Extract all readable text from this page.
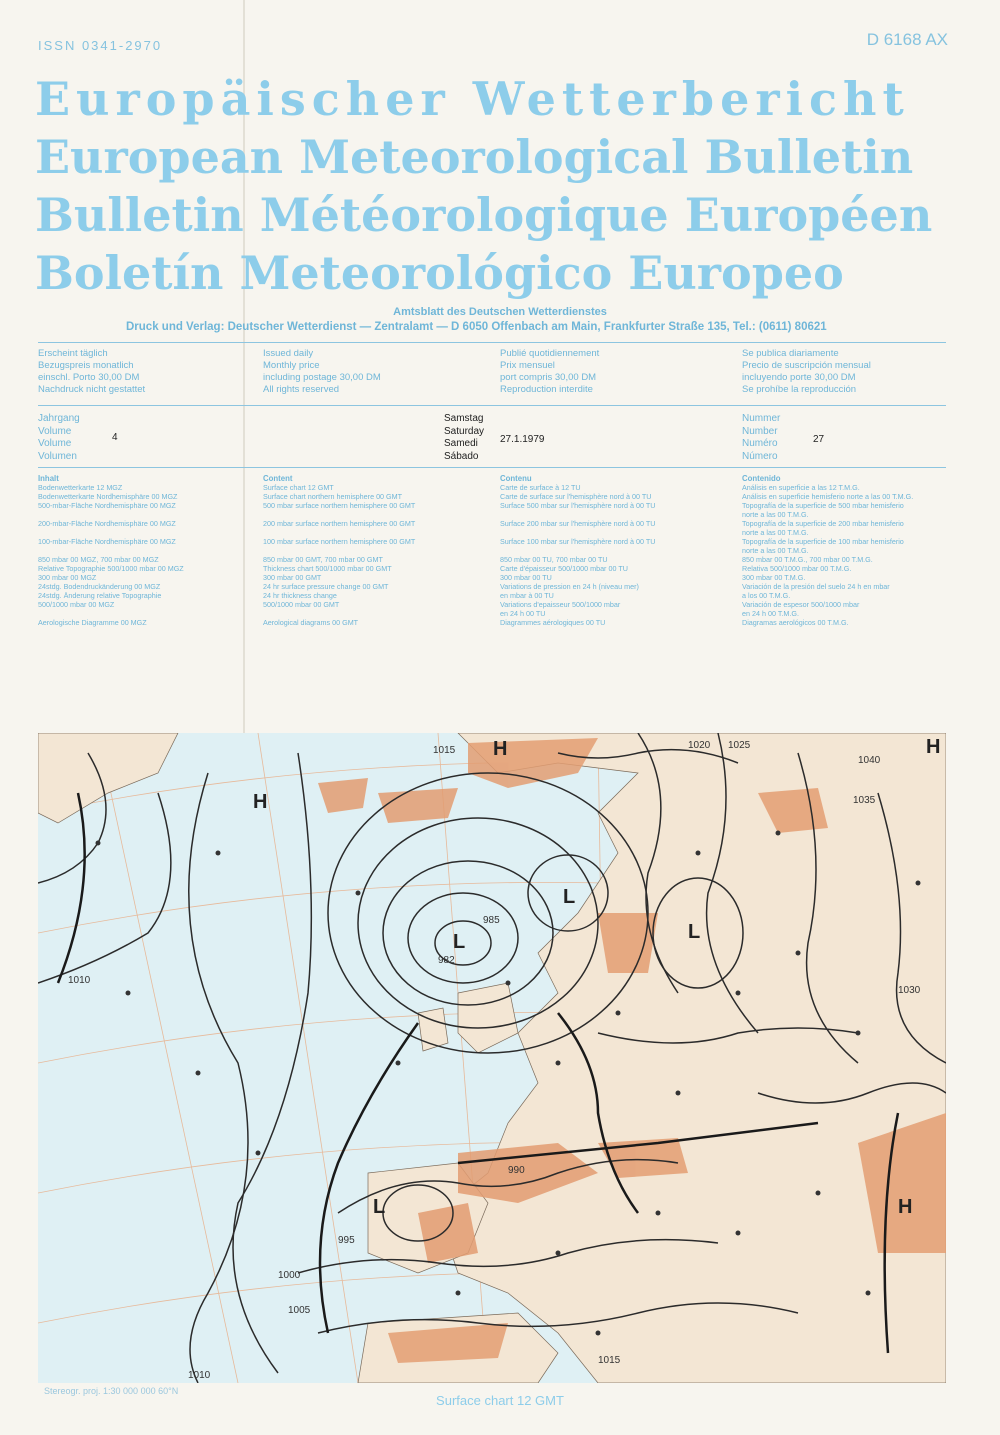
ISSN 0341-2970	D 6168 AX
Europäischer Wetterbericht
European Meteorological Bulletin
Bulletin Météorologique Européen
Boletín Meteorológico Europeo
Amtsblatt des Deutschen Wetterdienstes
Druck und Verlag: Deutscher Wetterdienst — Zentralamt — D 6050 Offenbach am Main, Frankfurter Straße 135, Tel.: (0611) 80621
Erscheint täglich
Bezugspreis monatlich
einschl. Porto 30,00 DM
Nachdruck nicht gestattet
Issued daily
Monthly price
including postage 30,00 DM
All rights reserved
Publié quotidiennement
Prix mensuel
port compris 30,00 DM
Reproduction interdite
Se publica diariamente
Precio de suscripción mensual
incluyendo porte 30,00 DM
Se prohíbe la reproducción
Jahrgang
Volume
Volume
Volumen
4
Samstag
Saturday
Samedi
Sábado
27.1.1979
Nummer
Number
Numéro
Número
27
Inhalt
Bodenwetterkarte 12 MGZ
Bodenwetterkarte Nordhemisphäre 00 MGZ
500-mbar-Fläche Nordhemisphäre 00 MGZ
200-mbar-Fläche Nordhemisphäre 00 MGZ
100-mbar-Fläche Nordhemisphäre 00 MGZ
850 mbar 00 MGZ, 700 mbar 00 MGZ
Relative Topographie 500/1000 mbar 00 MGZ
300 mbar 00 MGZ
24stdg. Bodendruckänderung 00 MGZ
24stdg. Änderung relative Topographie
500/1000 mbar 00 MGZ
Aerologische Diagramme 00 MGZ
Content
Surface chart 12 GMT
Surface chart northern hemisphere 00 GMT
500 mbar surface northern hemisphere 00 GMT
200 mbar surface northern hemisphere 00 GMT
100 mbar surface northern hemisphere 00 GMT
850 mbar 00 GMT, 700 mbar 00 GMT
Thickness chart 500/1000 mbar 00 GMT
300 mbar 00 GMT
24 hr surface pressure change 00 GMT
24 hr thickness change
500/1000 mbar 00 GMT
Aerological diagrams 00 GMT
Contenu
Carte de surface à 12 TU
Carte de surface sur l'hemisphère nord à 00 TU
Surface 500 mbar sur l'hemisphère nord à 00 TU
Surface 200 mbar sur l'hemisphère nord à 00 TU
Surface 100 mbar sur l'hemisphère nord à 00 TU
850 mbar 00 TU, 700 mbar 00 TU
Carte d'épaisseur 500/1000 mbar 00 TU
300 mbar 00 TU
Variations de pression en 24 h (niveau mer)
en mbar à 00 TU
Variations d'epaisseur 500/1000 mbar
en 24 h 00 TU
Diagrammes aérologiques 00 TU
Contenido
Análisis en superficie a las 12 T.M.G.
Análisis en superficie hemisferio norte a las 00 T.M.G.
Topografía de la superficie de 500 mbar hemisferio
norte a las 00 T.M.G.
Topografía de la superficie de 200 mbar hemisferio
norte a las 00 T.M.G.
Topografía de la superficie de 100 mbar hemisferio
norte a las 00 T.M.G.
850 mbar 00 T.M.G., 700 mbar 00 T.M.G.
Relativa 500/1000 mbar 00 T.M.G.
300 mbar 00 T.M.G.
Variación de la presión del suelo 24 h en mbar
a los 00 T.M.G.
Variación de espesor 500/1000 mbar
en 24 h 00 T.M.G.
Diagramas aerológicos 00 T.M.G.
1010
1015	1020 1025
1005
1000
995
990
985
982
1035
1030
1040
1015
1010
H
H
H
H
L
L
L
L
Stereogr. proj. 1:30 000 000 60°N
Surface chart 12 GMT
